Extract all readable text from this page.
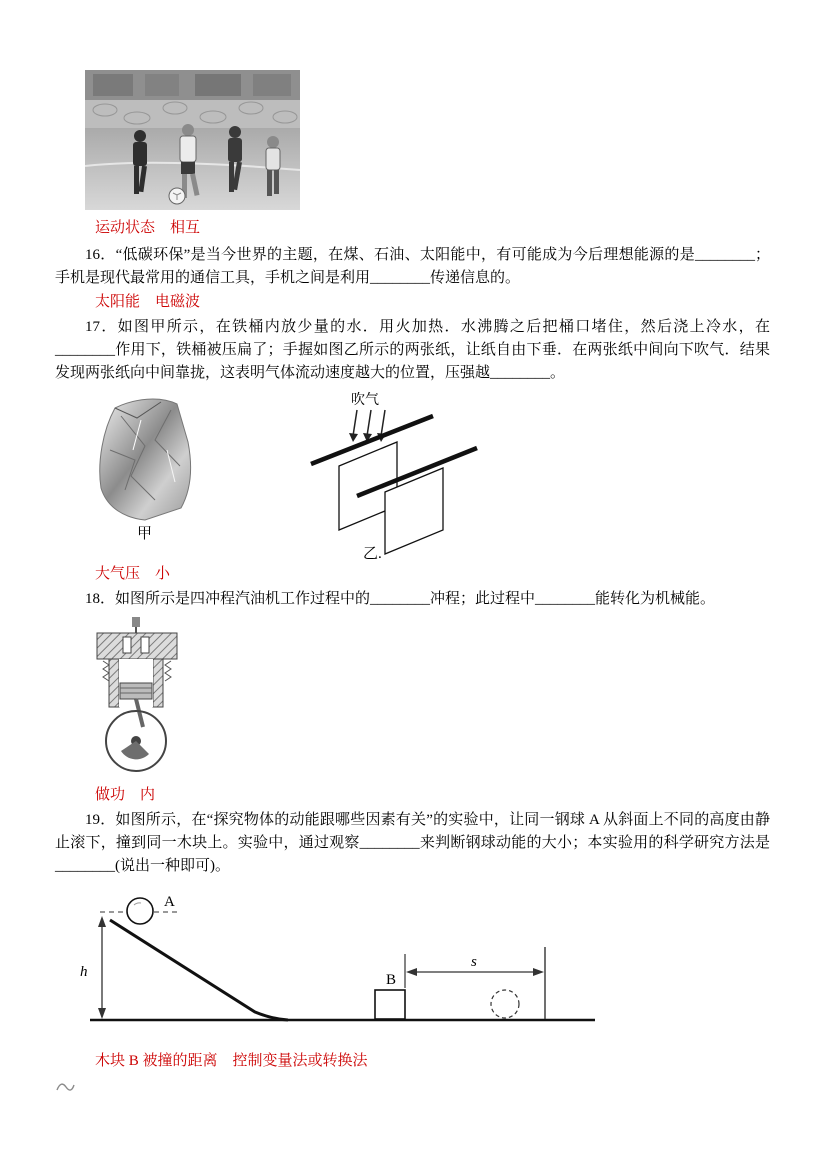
运动状态　相互
16．“低碳环保”是当今世界的主题，在煤、石油、太阳能中，有可能成为今后理想能源的是________；手机是现代最常用的通信工具，手机之间是利用________传递信息的。
太阳能　电磁波
17．如图甲所示，在铁桶内放少量的水．用火加热．水沸腾之后把桶口堵住，然后浇上冷水，在________作用下，铁桶被压扁了；手握如图乙所示的两张纸，让纸自由下垂．在两张纸中间向下吹气．结果发现两张纸向中间靠拢，这表明气体流动速度越大的位置，压强越________。
甲
吹气
乙.
大气压　小
18．如图所示是四冲程汽油机工作过程中的________冲程；此过程中________能转化为机械能。
做功　内
19．如图所示，在“探究物体的动能跟哪些因素有关”的实验中，让同一钢球 A 从斜面上不同的高度由静止滚下，撞到同一木块上。实验中，通过观察________来判断钢球动能的大小；本实验用的科学研究方法是________(说出一种即可)。
A
h	B
s
木块 B 被撞的距离　控制变量法或转换法
